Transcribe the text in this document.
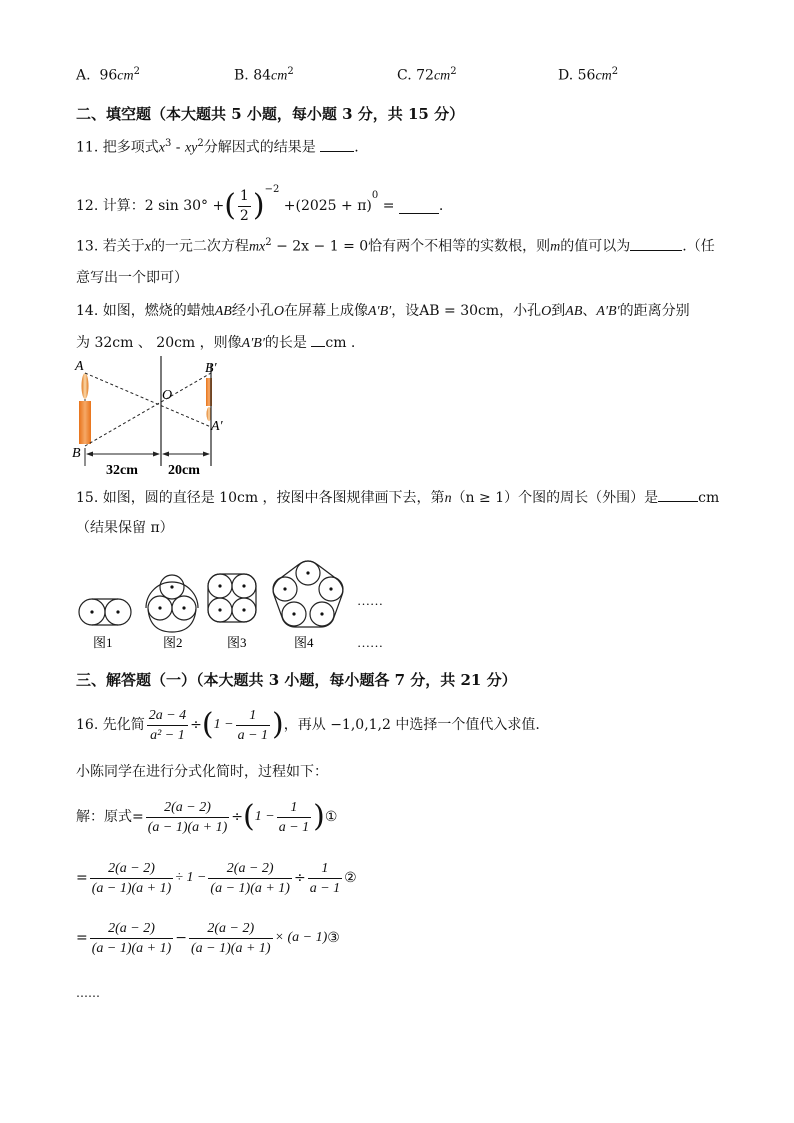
A. $96cm^2$	B. $84cm^2$	C. $72cm^2$	D. $56cm^2$
二、填空题（本大题共 5 小题，每小题 3 分，共 15 分）
11. 把多项式$x^3 - xy^2$分解因式的结果是	.
12. 计算：2 sin 30° +( $\frac{1}{2} )^{-2} +(2025 + \pi)^0$ =	.
13. 若关于x的一元二次方程$mx^2 - 2x - 1 = 0$恰有两个不相等的实数根，则m的值可以为	.（任
意写出一个即可）
14. 如图，燃烧的蜡烛AB经小孔O在屏幕上成像A′B′，设AB = 30cm，小孔O到AB、A′B′的距离分别
为 32cm 、 20cm ，则像A′B′的长是 cm .
A
B
O
B′
A′
32cm 20cm
15. 如图，圆的直径是 10cm ，按图中各图规律画下去，第n（n ≥ 1）个图的周长（外围）是	cm
（结果保留 π）
……
图1	图2	图3	图4	……
三、解答题（一）（本大题共 3 小题，每小题各 7 分，共 21 分）
16. 先化简 $\frac{2a - 4}{\text{a² − 1}} \div(1 - \frac{1}{a - 1}$ )，再从 −1,0,1,2 中选择一个值代入求值.
小陈同学在进行分式化简时，过程如下：
解：原式= $\frac{2(a - 2)}{(a - 1)(a + 1)} \div(1 - \frac{1}{a - 1}$ )①
= $\frac{2(a - 2)}{(a - 1)(a + 1)} \div 1 - \frac{2(a - 2)}{(a - 1)(a + 1)} \div \frac{1}{a - 1}$ ②
= $\frac{2(a - 2)}{(a - 1)(a + 1)} - \frac{2(a - 2)}{(a - 1)(a + 1)} \times (a$ − 1)③
……
